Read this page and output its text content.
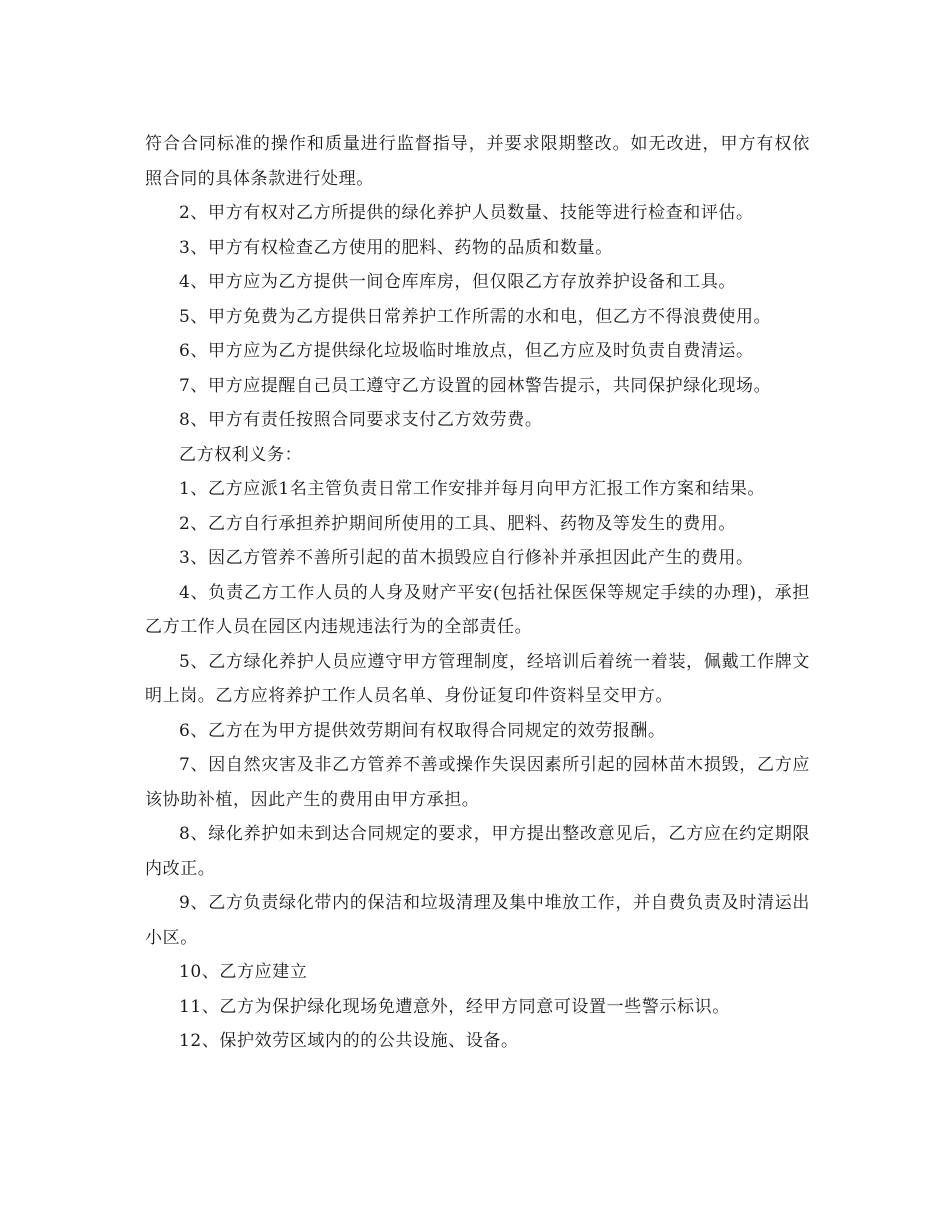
符合合同标准的操作和质量进行监督指导，并要求限期整改。如无改进，甲方有权依照合同的具体条款进行处理。

2、甲方有权对乙方所提供的绿化养护人员数量、技能等进行检查和评估。

3、甲方有权检查乙方使用的肥料、药物的品质和数量。

4、甲方应为乙方提供一间仓库库房，但仅限乙方存放养护设备和工具。

5、甲方免费为乙方提供日常养护工作所需的水和电，但乙方不得浪费使用。

6、甲方应为乙方提供绿化垃圾临时堆放点，但乙方应及时负责自费清运。

7、甲方应提醒自己员工遵守乙方设置的园林警告提示，共同保护绿化现场。

8、甲方有责任按照合同要求支付乙方效劳费。

乙方权利义务：

1、乙方应派1名主管负责日常工作安排并每月向甲方汇报工作方案和结果。

2、乙方自行承担养护期间所使用的工具、肥料、药物及等发生的费用。

3、因乙方管养不善所引起的苗木损毁应自行修补并承担因此产生的费用。

4、负责乙方工作人员的人身及财产平安(包括社保医保等规定手续的办理)，承担乙方工作人员在园区内违规违法行为的全部责任。

5、乙方绿化养护人员应遵守甲方管理制度，经培训后着统一着装，佩戴工作牌文明上岗。乙方应将养护工作人员名单、身份证复印件资料呈交甲方。

6、乙方在为甲方提供效劳期间有权取得合同规定的效劳报酬。

7、因自然灾害及非乙方管养不善或操作失误因素所引起的园林苗木损毁，乙方应该协助补植，因此产生的费用由甲方承担。

8、绿化养护如未到达合同规定的要求，甲方提出整改意见后，乙方应在约定期限内改正。

9、乙方负责绿化带内的保洁和垃圾清理及集中堆放工作，并自费负责及时清运出小区。

10、乙方应建立

11、乙方为保护绿化现场免遭意外，经甲方同意可设置一些警示标识。

12、保护效劳区域内的的公共设施、设备。
